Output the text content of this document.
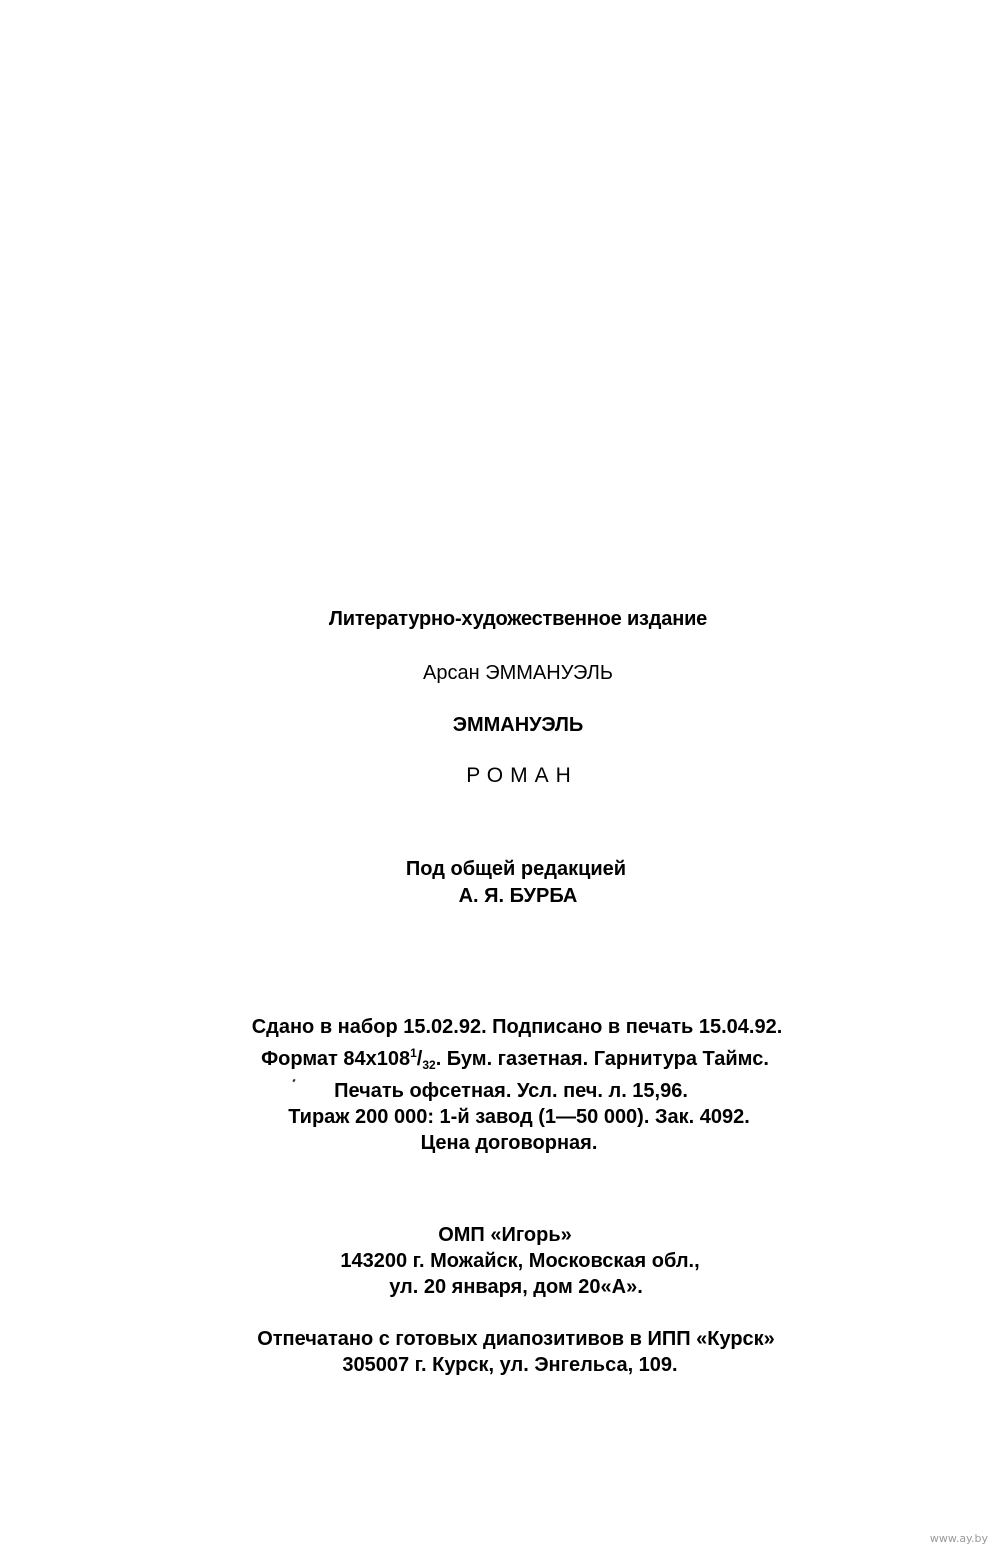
Литературно-художественное издание
Арсан ЭММАНУЭЛЬ
ЭММАНУЭЛЬ
РОМАН
Под общей редакцией
А. Я. БУРБА
Сдано в набор 15.02.92. Подписано в печать 15.04.92.
Формат $84х108^1/_{32}$. Бум. газетная. Гарнитура Таймс.
Печать офсетная. Усл. печ. л. 15,96.
Тираж 200 000: 1-й завод (1—50 000). Зак. 4092.
Цена договорная.
ОМП «Игорь»
143200 г. Можайск, Московская обл.,
ул. 20 января, дом 20«А».
Отпечатано с готовых диапозитивов в ИПП «Курск»
305007 г. Курск, ул. Энгельса, 109.
www.ay.by
